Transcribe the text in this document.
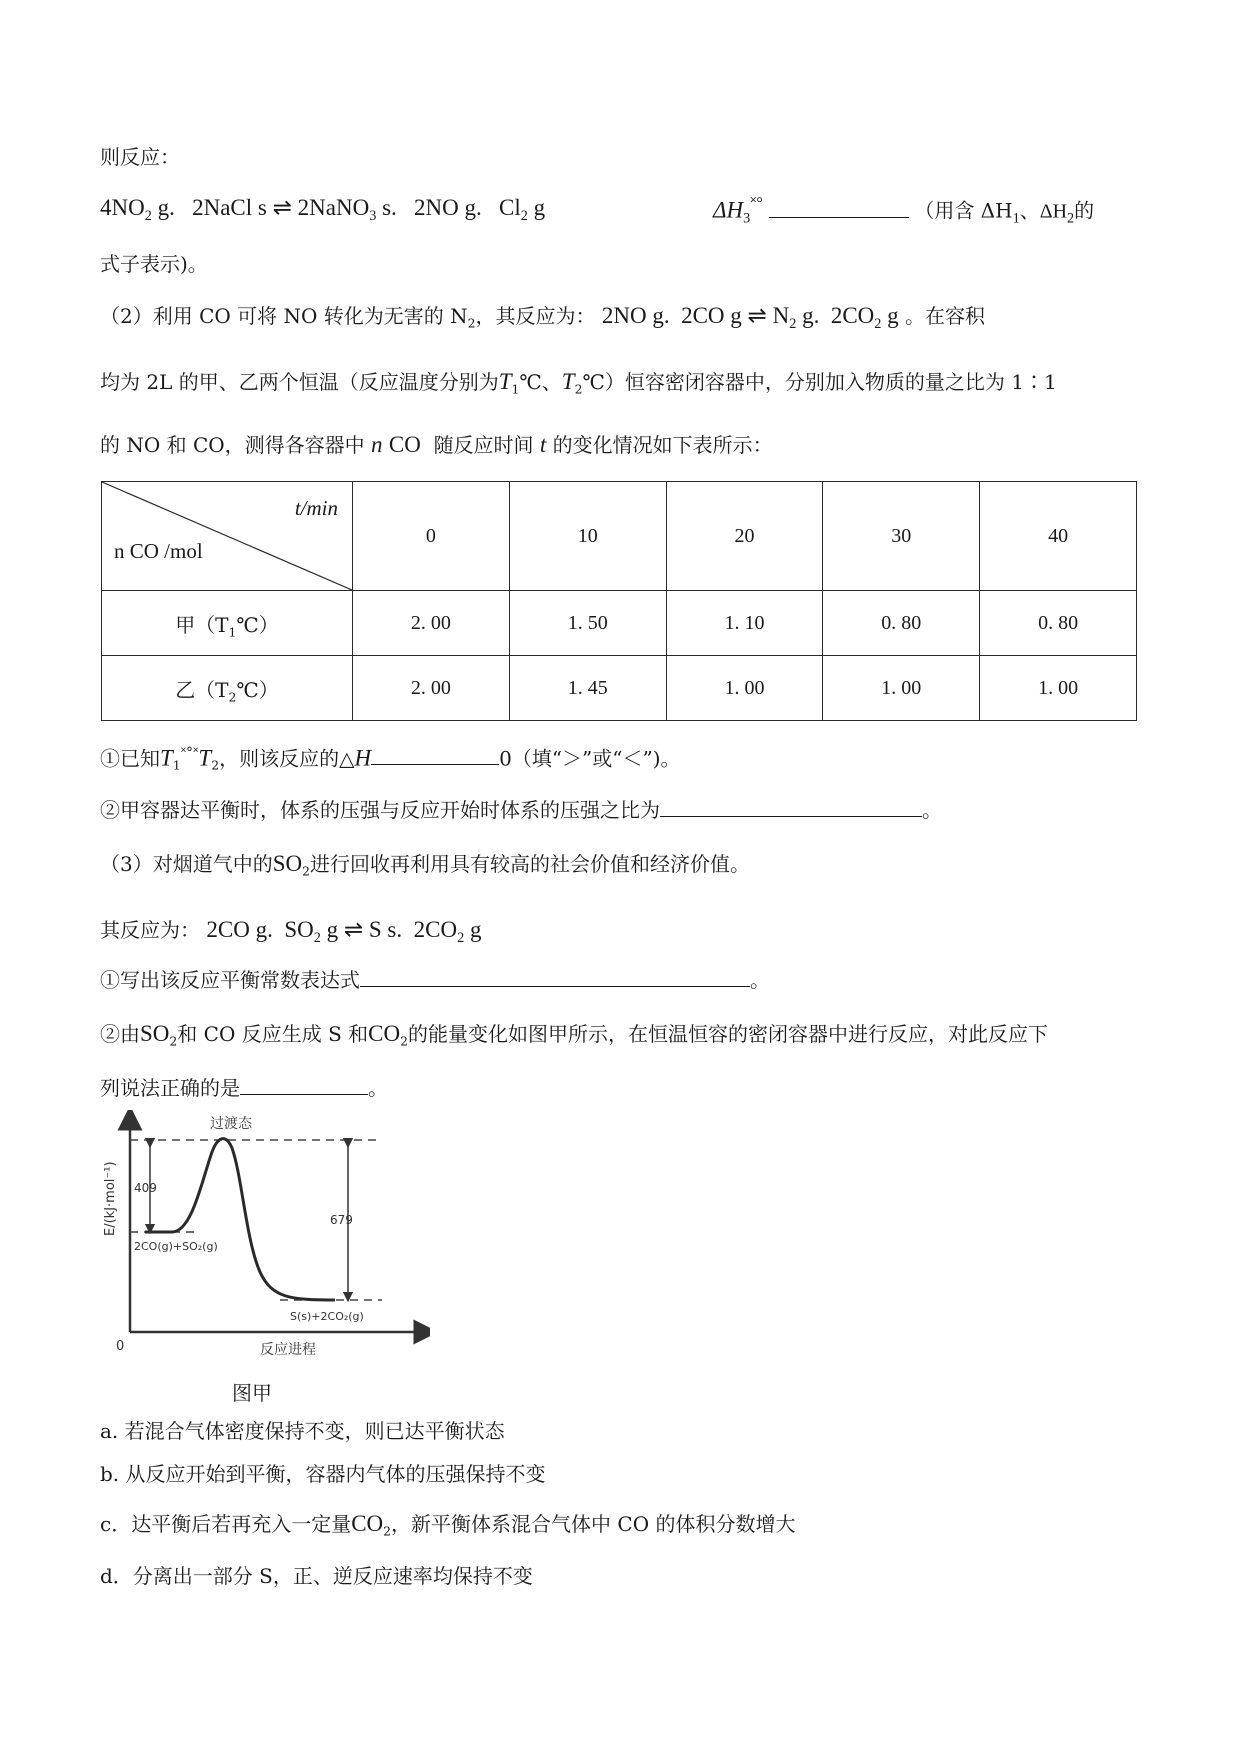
则反应：
$4NO_2$ g.   2NaCl s ⇌ 2NaNO$_3$ s.   2NO g.   $Cl_2$ g	$\Delta H_3^{˟^\circ}$	（用含 $\Delta H_1$、$\Delta H_2$的
式子表示)。
（2）利用 CO 可将 NO 转化为无害的 $N_2$，其反应为： 2NO g.  2CO g ⇌ $N_2$ g.  $2CO_2$ g 。在容积
均为 2L 的甲、乙两个恒温（反应温度分别为$T_1℃$、$T_2℃$）恒容密闭容器中，分别加入物质的量之比为 1∶1
的 NO 和 CO，测得各容器中 n CO 随反应时间 t 的变化情况如下表所示：
t/min
n CO /mol	0	10	20	30	40
甲$(T_1℃)$	2. 00	1. 50	1. 10	0. 80	0. 80
乙$(T_2℃)$	2. 00	1. 45	1. 00	1. 00	1. 00
①已知$T_1^{˟^\circ˟}T_2$，则该反应的△H	0（填“＞”或“＜”)。
②甲容器达平衡时，体系的压强与反应开始时体系的压强之比为	。
（3）对烟道气中的$SO_2$进行回收再利用具有较高的社会价值和经济价值。
其反应为： 2CO g.  $SO_2$ g ⇌ S s.  $2CO_2$ g
①写出该反应平衡常数表达式	。
②由$SO_2$和 CO 反应生成 S 和$CO_2$的能量变化如图甲所示，在恒温恒容的密闭容器中进行反应，对此反应下
列说法正确的是	。
E/(kJ·mol⁻¹)
反应进程
0
过渡态
409
679
2CO(g)+SO₂(g)
S(s)+2CO₂(g)
图甲
a. 若混合气体密度保持不变，则已达平衡状态
b. 从反应开始到平衡，容器内气体的压强保持不变
c．达平衡后若再充入一定量$CO_2$，新平衡体系混合气体中 CO 的体积分数增大
d．分离出一部分 S，正、逆反应速率均保持不变
